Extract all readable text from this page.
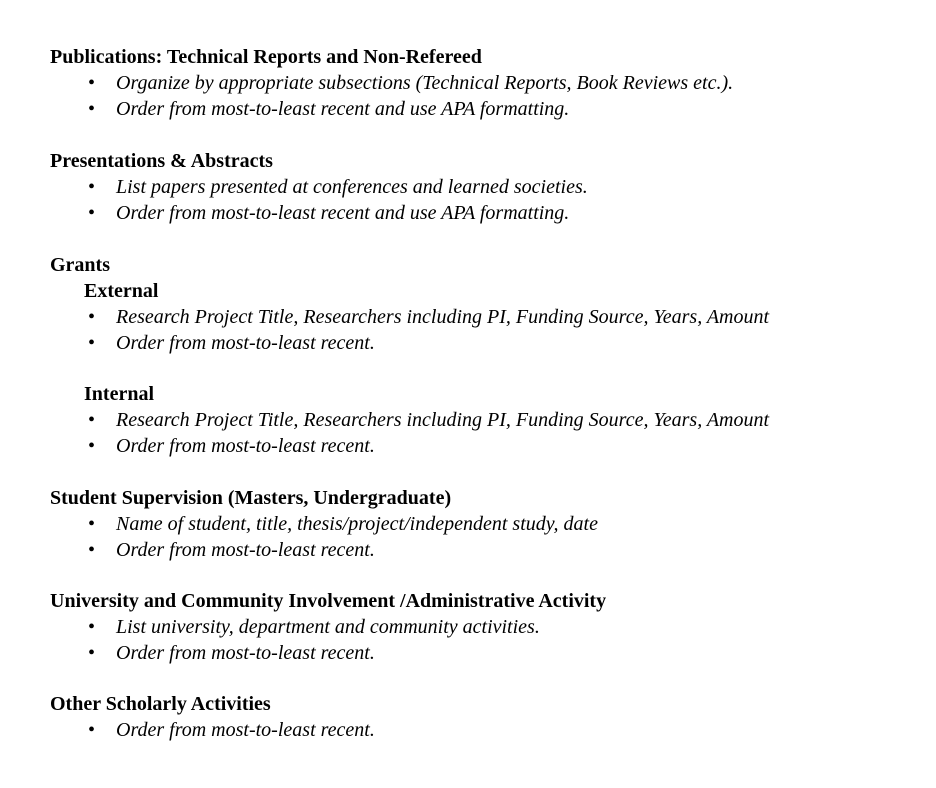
Publications: Technical Reports and Non-Refereed

• Organize by appropriate subsections (Technical Reports, Book Reviews etc.).
• Order from most-to-least recent and use APA formatting.

Presentations & Abstracts

• List papers presented at conferences and learned societies.
• Order from most-to-least recent and use APA formatting.

Grants

External

• Research Project Title, Researchers including PI, Funding Source, Years, Amount
• Order from most-to-least recent.

Internal

• Research Project Title, Researchers including PI, Funding Source, Years, Amount
• Order from most-to-least recent.

Student Supervision (Masters, Undergraduate)

• Name of student, title, thesis/project/independent study, date
• Order from most-to-least recent.

University and Community Involvement /Administrative Activity

• List university, department and community activities.
• Order from most-to-least recent.

Other Scholarly Activities

• Order from most-to-least recent.
